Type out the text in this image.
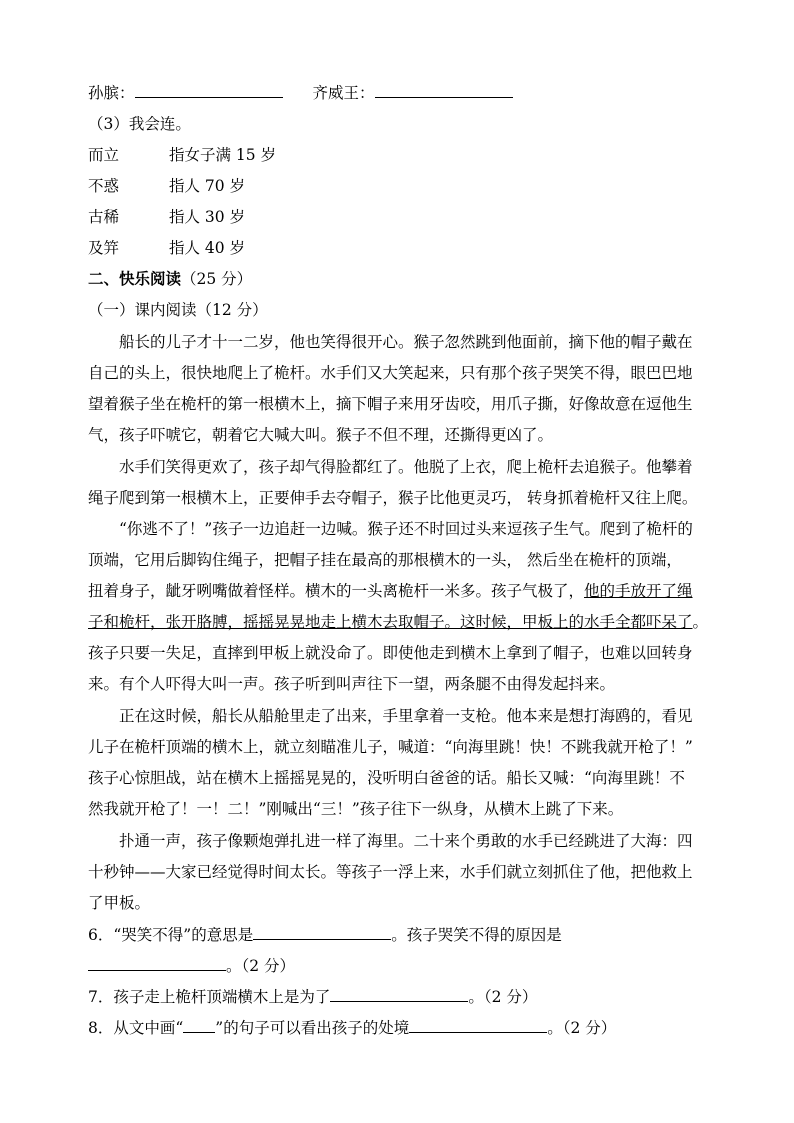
孙膑：	齐威王：
（3）我会连。
而立	指女子满 15 岁
不惑	指人 70 岁
古稀	指人 30 岁
及笄	指人 40 岁
二、快乐阅读（25 分）
（一）课内阅读（12 分）
船长的儿子才十一二岁，他也笑得很开心。猴子忽然跳到他面前，摘下他的帽子戴在
自己的头上，很快地爬上了桅杆。水手们又大笑起来，只有那个孩子哭笑不得，眼巴巴地
望着猴子坐在桅杆的第一根横木上，摘下帽子来用牙齿咬，用爪子撕，好像故意在逗他生
气，孩子吓唬它，朝着它大喊大叫。猴子不但不理，还撕得更凶了。
水手们笑得更欢了，孩子却气得脸都红了。他脱了上衣，爬上桅杆去追猴子。他攀着
绳子爬到第一根横木上，正要伸手去夺帽子，猴子比他更灵巧， 转身抓着桅杆又往上爬。
“你逃不了！”孩子一边追赶一边喊。猴子还不时回过头来逗孩子生气。爬到了桅杆的
顶端，它用后脚钩住绳子，把帽子挂在最高的那根横木的一头， 然后坐在桅杆的顶端，
扭着身子，龇牙咧嘴做着怪样。横木的一头离桅杆一米多。孩子气极了，他的手放开了绳
子和桅杆，张开胳膊，摇摇晃晃地走上横木去取帽子。这时候，甲板上的水手全都吓呆了。
孩子只要一失足，直摔到甲板上就没命了。即使他走到横木上拿到了帽子，也难以回转身
来。有个人吓得大叫一声。孩子听到叫声往下一望，两条腿不由得发起抖来。
正在这时候，船长从船舱里走了出来，手里拿着一支枪。他本来是想打海鸥的，看见
儿子在桅杆顶端的横木上，就立刻瞄准儿子，喊道：“向海里跳！快！不跳我就开枪了！”
孩子心惊胆战，站在横木上摇摇晃晃的，没听明白爸爸的话。船长又喊：“向海里跳！不
然我就开枪了！一！二！”刚喊出“三！”孩子往下一纵身，从横木上跳了下来。
扑通一声，孩子像颗炮弹扎进一样了海里。二十来个勇敢的水手已经跳进了大海：四
十秒钟——大家已经觉得时间太长。等孩子一浮上来，水手们就立刻抓住了他，把他救上
了甲板。
6．“哭笑不得”的意思是	。孩子哭笑不得的原因是
。（2 分）
7．孩子走上桅杆顶端横木上是为了	。（2 分）
8．从文中画“ ”的句子可以看出孩子的处境	。（2 分）
